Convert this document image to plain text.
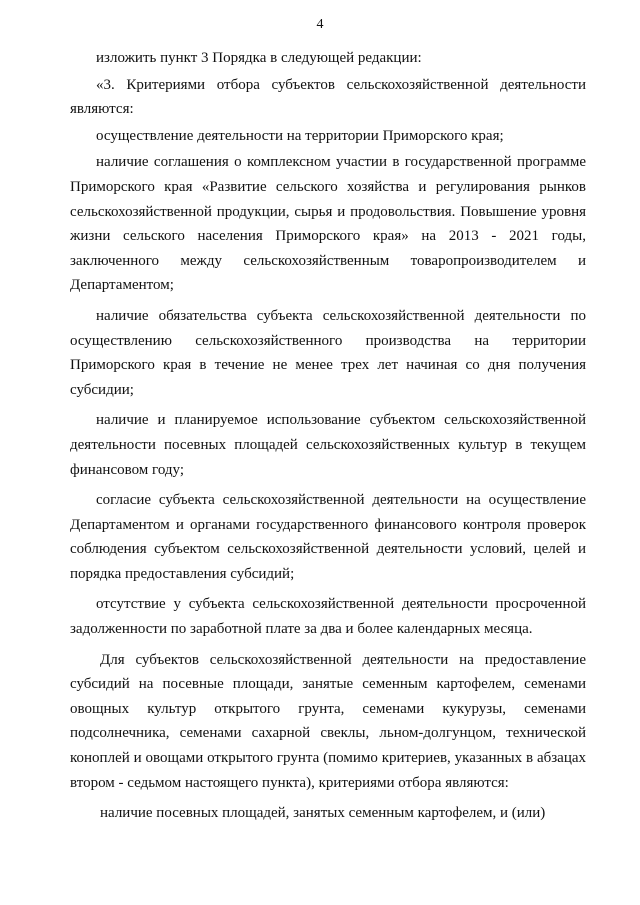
4

изложить пункт 3 Порядка в следующей редакции:

«3. Критериями отбора субъектов сельскохозяйственной деятельности являются:

осуществление деятельности на территории Приморского края;

наличие соглашения о комплексном участии в государственной программе Приморского края «Развитие сельского хозяйства и регулирования рынков сельскохозяйственной продукции, сырья и продовольствия. Повышение уровня жизни сельского населения Приморского края» на 2013 - 2021 годы, заключенного между сельскохозяйственным товаропроизводителем и Департаментом;

наличие обязательства субъекта сельскохозяйственной деятельности по осуществлению сельскохозяйственного производства на территории Приморского края в течение не менее трех лет начиная со дня получения субсидии;

наличие и планируемое использование субъектом сельскохозяйственной деятельности посевных площадей сельскохозяйственных культур в текущем финансовом году;

согласие субъекта сельскохозяйственной деятельности на осуществление Департаментом и органами государственного финансового контроля проверок соблюдения субъектом сельскохозяйственной деятельности условий, целей и порядка предоставления субсидий;

отсутствие у субъекта сельскохозяйственной деятельности просроченной задолженности по заработной плате за два и более календарных месяца.

Для субъектов сельскохозяйственной деятельности на предоставление субсидий на посевные площади, занятые семенным картофелем, семенами овощных культур открытого грунта, семенами кукурузы, семенами подсолнечника, семенами сахарной свеклы, льном-долгунцом, технической коноплей и овощами открытого грунта (помимо критериев, указанных в абзацах втором - седьмом настоящего пункта), критериями отбора являются:

наличие посевных площадей, занятых семенным картофелем, и (или)
